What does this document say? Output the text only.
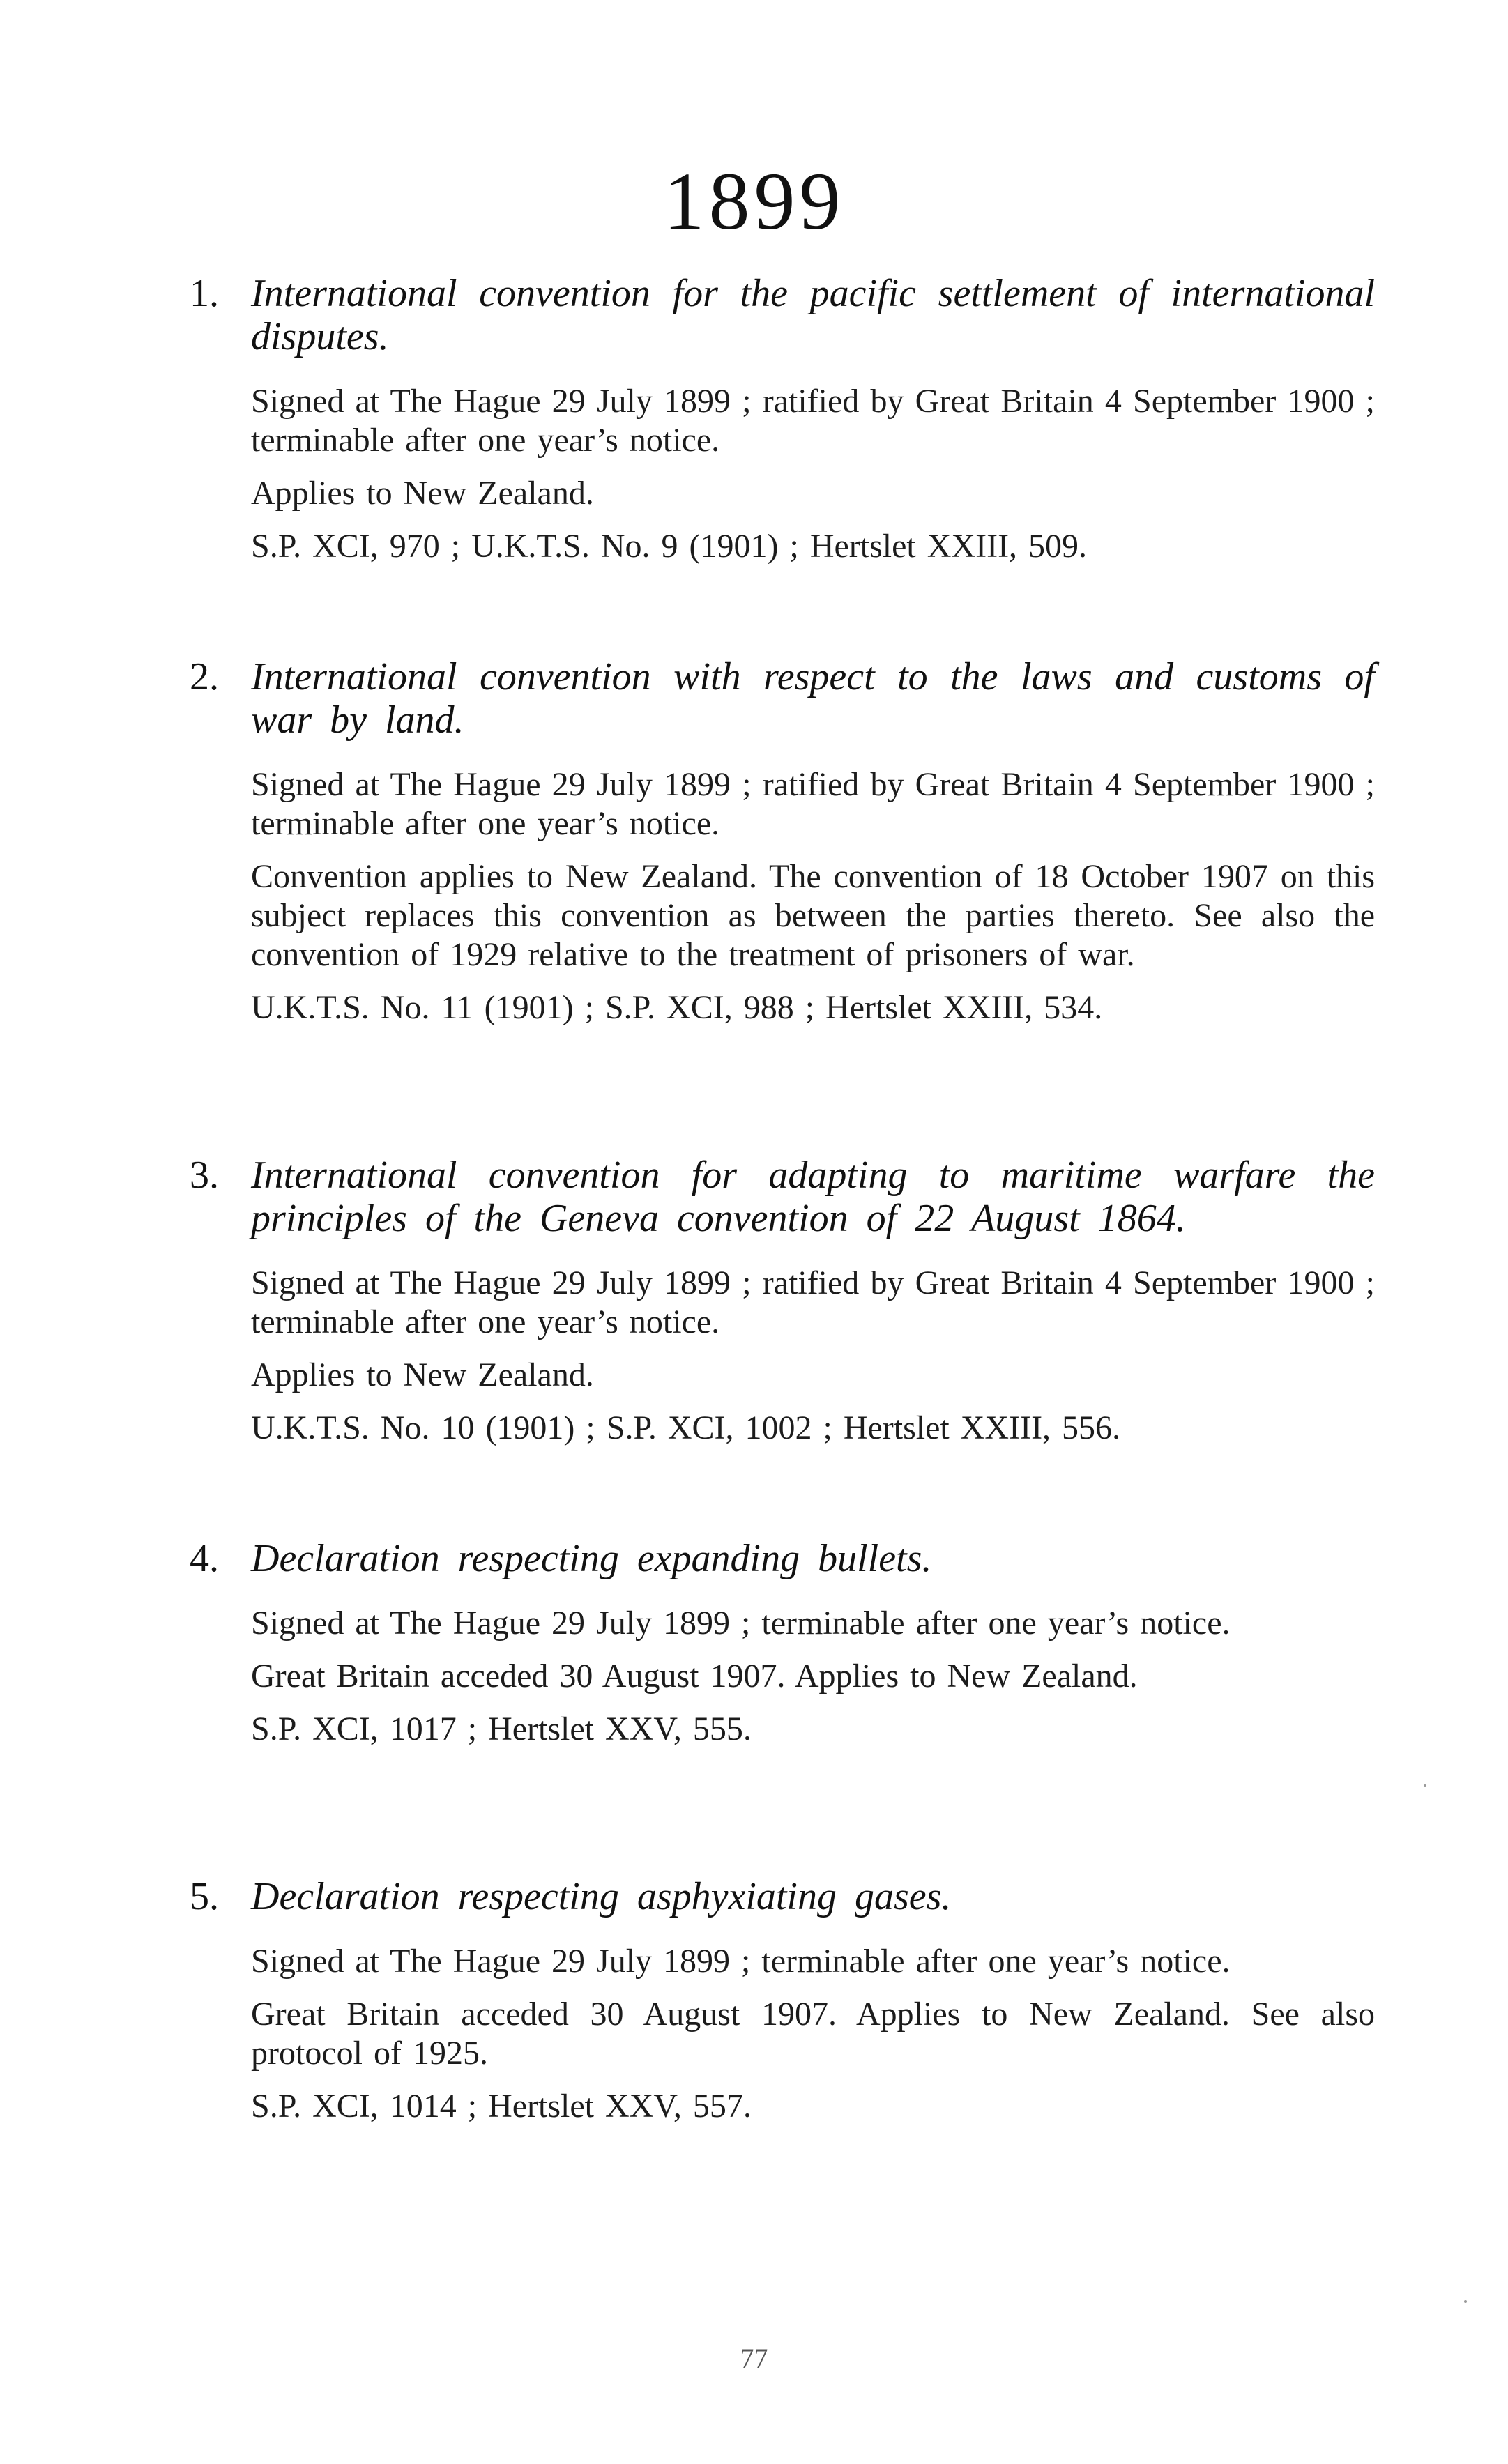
1899
1. International convention for the pacific settlement of international disputes.

Signed at The Hague 29 July 1899 ; ratified by Great Britain 4 September 1900 ; terminable after one year’s notice.

Applies to New Zealand.

S.P. XCI, 970 ; U.K.T.S. No. 9 (1901) ; Hertslet XXIII, 509.

2. International convention with respect to the laws and customs of war by land.

Signed at The Hague 29 July 1899 ; ratified by Great Britain 4 September 1900 ; terminable after one year’s notice.

Convention applies to New Zealand. The convention of 18 October 1907 on this subject replaces this convention as between the parties thereto. See also the convention of 1929 relative to the treatment of prisoners of war.

U.K.T.S. No. 11 (1901) ; S.P. XCI, 988 ; Hertslet XXIII, 534.

3. International convention for adapting to maritime warfare the principles of the Geneva convention of 22 August 1864.

Signed at The Hague 29 July 1899 ; ratified by Great Britain 4 September 1900 ; terminable after one year’s notice.

Applies to New Zealand.

U.K.T.S. No. 10 (1901) ; S.P. XCI, 1002 ; Hertslet XXIII, 556.

4. Declaration respecting expanding bullets.

Signed at The Hague 29 July 1899 ; terminable after one year’s notice.

Great Britain acceded 30 August 1907. Applies to New Zealand.

S.P. XCI, 1017 ; Hertslet XXV, 555.

5. Declaration respecting asphyxiating gases.

Signed at The Hague 29 July 1899 ; terminable after one year’s notice.

Great Britain acceded 30 August 1907. Applies to New Zealand. See also protocol of 1925.

S.P. XCI, 1014 ; Hertslet XXV, 557.

77
